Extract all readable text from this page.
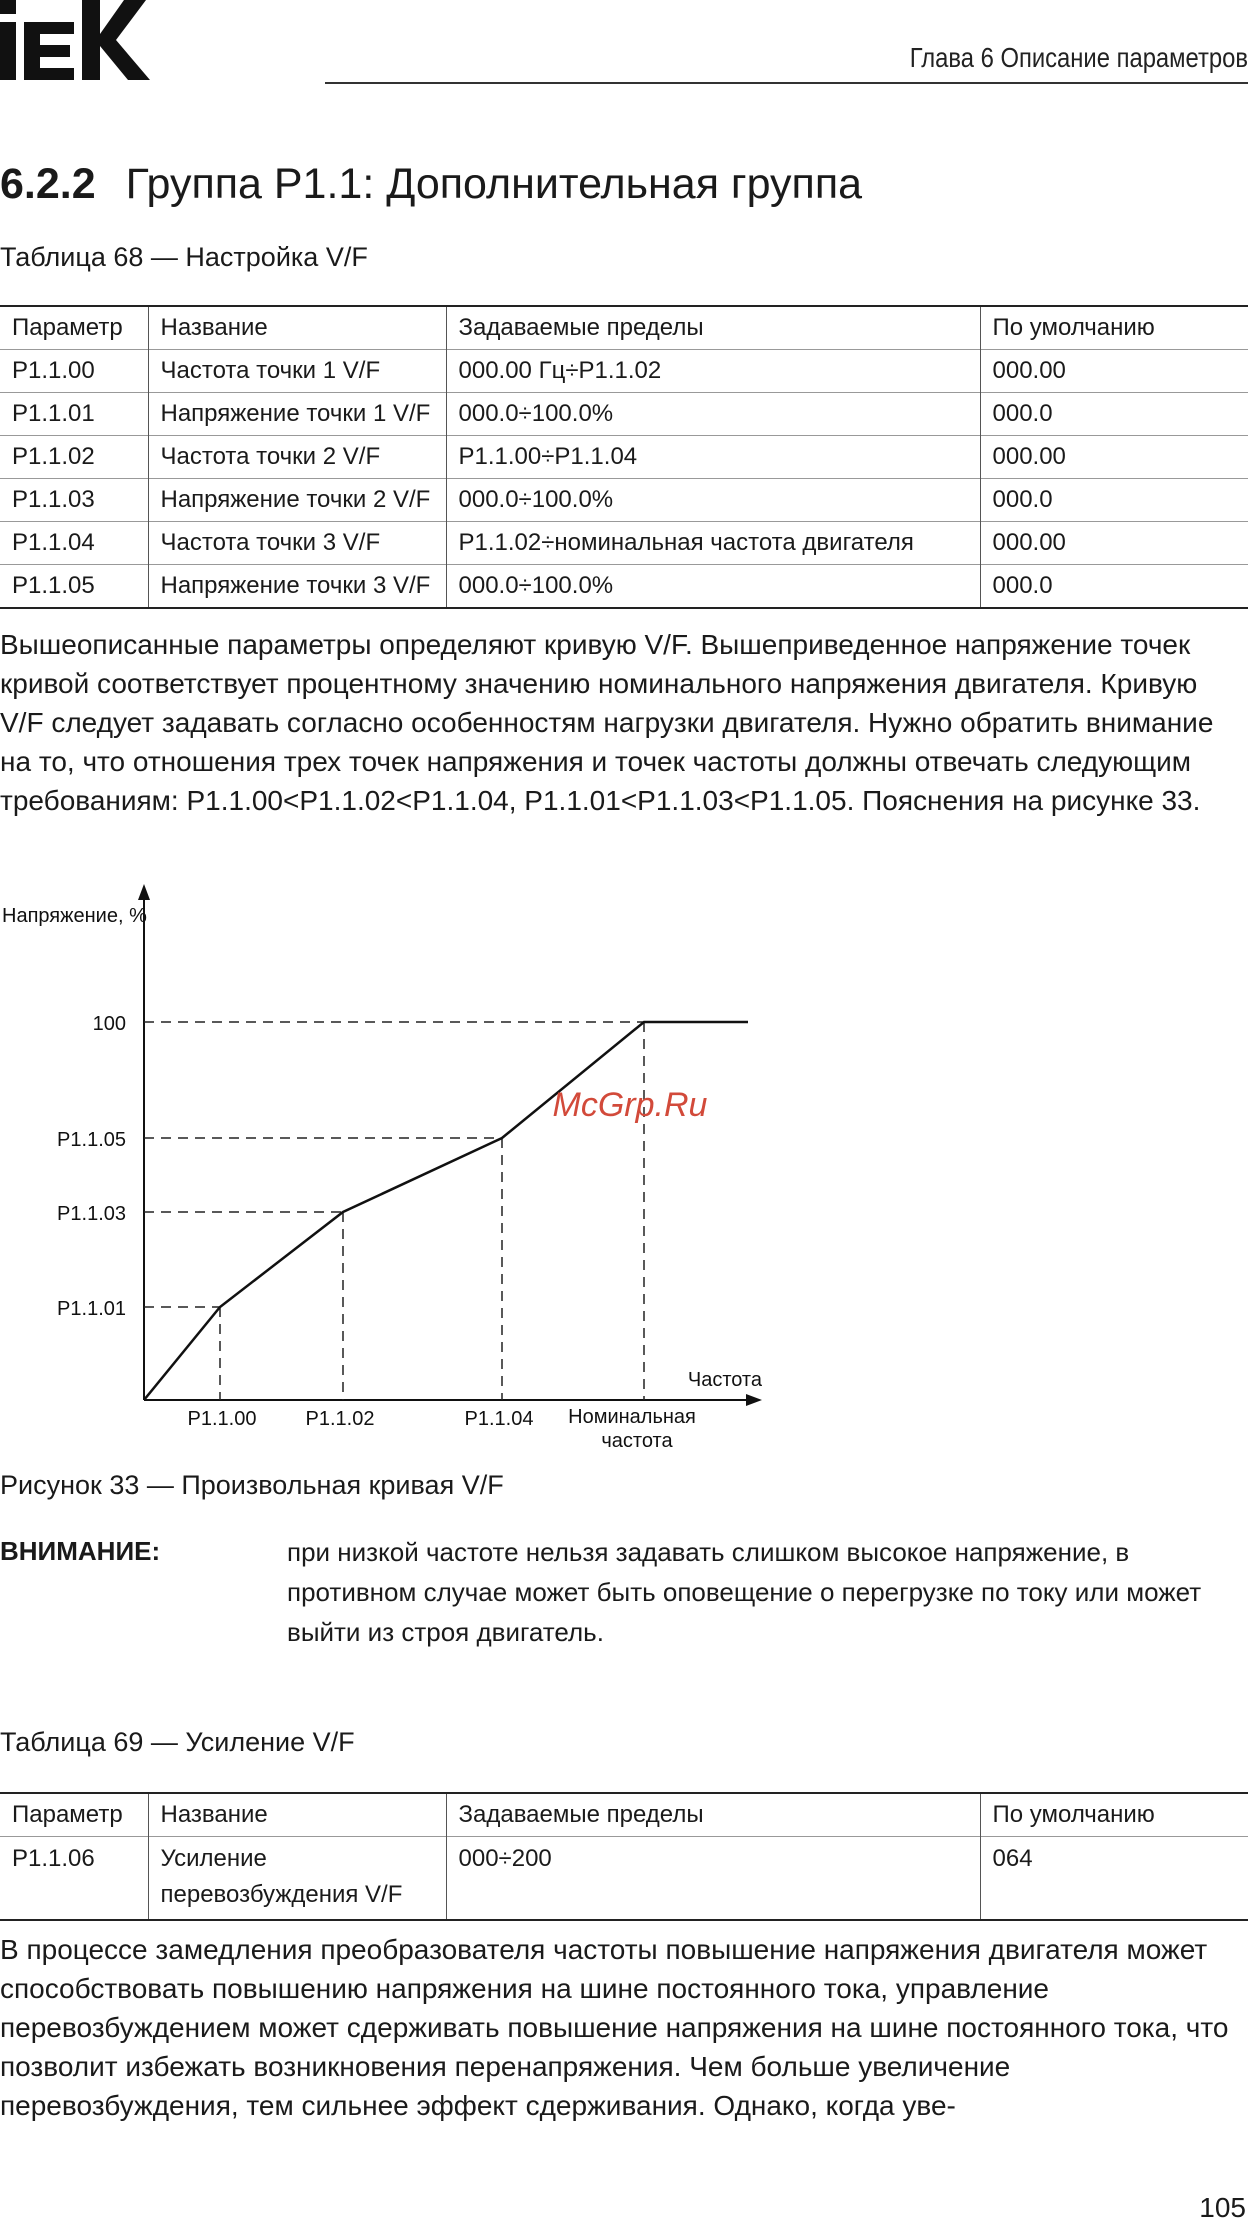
Глава 6 Описание параметров
6.2.2 Группа P1.1: Дополнительная группа
Таблица 68 — Настройка V/F
Параметр	Название	Задаваемые пределы	По умолчанию
P1.1.00	Частота точки 1 V/F	000.00 Гц÷P1.1.02	000.00
P1.1.01	Напряжение точки 1 V/F	000.0÷100.0%	000.0
P1.1.02	Частота точки 2 V/F	P1.1.00÷P1.1.04	000.00
P1.1.03	Напряжение точки 2 V/F	000.0÷100.0%	000.0
P1.1.04	Частота точки 3 V/F	P1.1.02÷номинальная частота двигателя	000.00
P1.1.05	Напряжение точки 3 V/F	000.0÷100.0%	000.0
Вышеописанные параметры определяют кривую V/F. Вышеприведенное напряжение точек кривой соответствует процентному значению номинального напряжения двигателя. Кривую V/F следует задавать согласно особенностям нагрузки двигателя. Нужно обратить внимание на то, что отношения трех точек напряжения и точек частоты должны отвечать следующим требованиям: P1.1.00<P1.1.02<P1.1.04, P1.1.01<P1.1.03<P1.1.05. Пояснения на рисунке 33.
Напряжение, %
100
P1.1.05
P1.1.03
P1.1.01
Частота
P1.1.00 P1.1.02	P1.1.04 Номинальная
частота
McGrp.Ru
Рисунок 33 — Произвольная кривая V/F
ВНИМАНИЕ:	при низкой частоте нельзя задавать слишком высокое напряжение, в противном случае может быть оповещение о перегрузке по току или может выйти из строя двигатель.
Таблица 69 — Усиление V/F
Параметр	Название	Задаваемые пределы	По умолчанию
P1.1.06	Усиление перевозбуждения V/F	000÷200	064
В процессе замедления преобразователя частоты повышение напряжения двигателя может способствовать повышению напряжения на шине постоянного тока, управление перевозбуждением может сдерживать повышение напряжения на шине постоянного тока, что позволит избежать возникновения перенапряжения. Чем больше увеличение перевозбуждения, тем сильнее эффект сдерживания. Однако, когда уве-
105
